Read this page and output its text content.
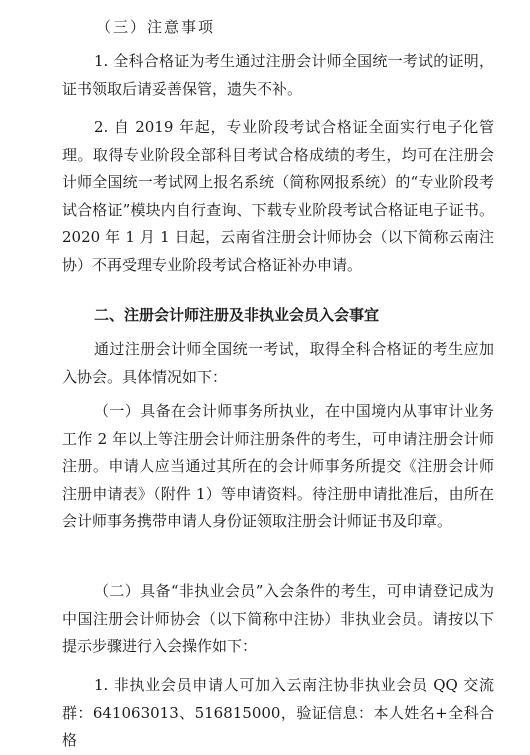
（三）注意事项

1. 全科合格证为考生通过注册会计师全国统一考试的证明，证书领取后请妥善保管，遗失不补。

2. 自 2019 年起，专业阶段考试合格证全面实行电子化管理。取得专业阶段全部科目考试合格成绩的考生，均可在注册会计师全国统一考试网上报名系统（简称网报系统）的“专业阶段考试合格证”模块内自行查询、下载专业阶段考试合格证电子证书。2020 年 1 月 1 日起，云南省注册会计师协会（以下简称云南注协）不再受理专业阶段考试合格证补办申请。

二、注册会计师注册及非执业会员入会事宜

通过注册会计师全国统一考试，取得全科合格证的考生应加入协会。具体情况如下：

（一）具备在会计师事务所执业，在中国境内从事审计业务工作 2 年以上等注册会计师注册条件的考生，可申请注册会计师注册。申请人应当通过其所在的会计师事务所提交《注册会计师注册申请表》（附件 1）等申请资料。待注册申请批准后，由所在会计师事务携带申请人身份证领取注册会计师证书及印章。

（二）具备“非执业会员”入会条件的考生，可申请登记成为中国注册会计师协会（以下简称中注协）非执业会员。请按以下提示步骤进行入会操作如下：

1. 非执业会员申请人可加入云南注协非执业会员 QQ 交流群：641063013、516815000，验证信息：本人姓名+全科合格
